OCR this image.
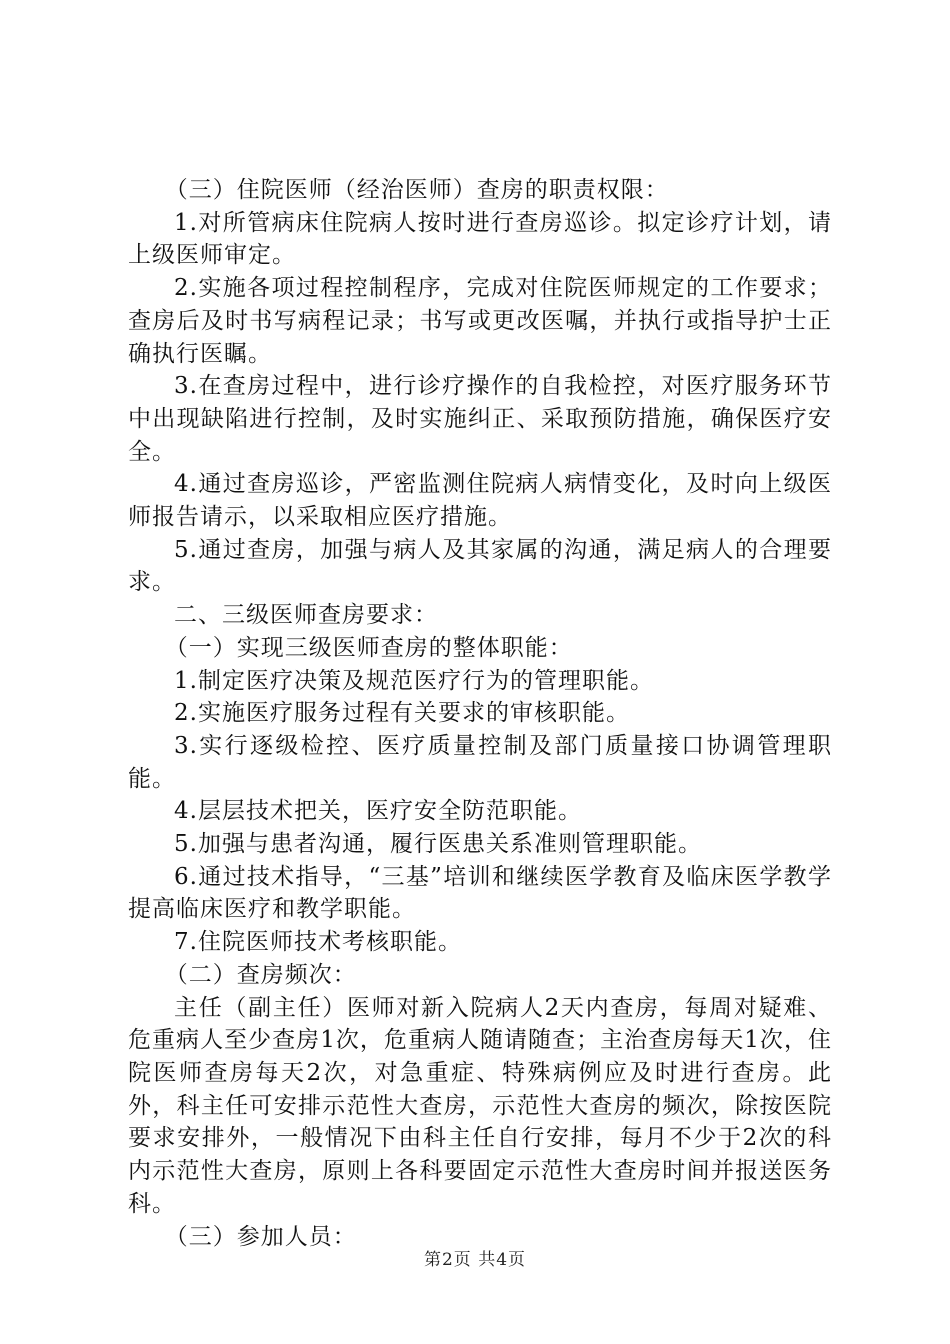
（三）住院医师（经治医师）查房的职责权限：

1.对所管病床住院病人按时进行查房巡诊。拟定诊疗计划，请上级医师审定。

2.实施各项过程控制程序，完成对住院医师规定的工作要求；查房后及时书写病程记录；书写或更改医嘱，并执行或指导护士正确执行医瞩。

3.在查房过程中，进行诊疗操作的自我检控，对医疗服务环节中出现缺陷进行控制，及时实施纠正、采取预防措施，确保医疗安全。

4.通过查房巡诊，严密监测住院病人病情变化，及时向上级医师报告请示，以采取相应医疗措施。

5.通过查房，加强与病人及其家属的沟通，满足病人的合理要求。

二、三级医师查房要求：

（一）实现三级医师查房的整体职能：

1.制定医疗决策及规范医疗行为的管理职能。

2.实施医疗服务过程有关要求的审核职能。

3.实行逐级检控、医疗质量控制及部门质量接口协调管理职能。

4.层层技术把关，医疗安全防范职能。

5.加强与患者沟通，履行医患关系准则管理职能。

6.通过技术指导，“三基”培训和继续医学教育及临床医学教学提高临床医疗和教学职能。

7.住院医师技术考核职能。

（二）查房频次：

主任（副主任）医师对新入院病人2天内查房，每周对疑难、危重病人至少查房1次，危重病人随请随查；主治查房每天1次，住院医师查房每天2次，对急重症、特殊病例应及时进行查房。此外，科主任可安排示范性大查房，示范性大查房的频次，除按医院要求安排外，一般情况下由科主任自行安排，每月不少于2次的科内示范性大查房，原则上各科要固定示范性大查房时间并报送医务科。

（三）参加人员：

第2页 共4页
